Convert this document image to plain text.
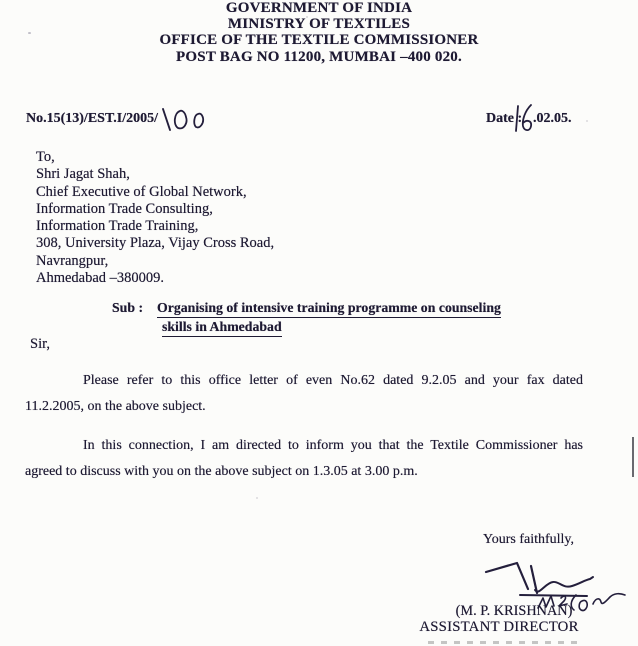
GOVERNMENT OF INDIA
MINISTRY OF TEXTILES
OFFICE OF THE TEXTILE COMMISSIONER
POST BAG NO 11200, MUMBAI –400 020.
No.15(13)/EST.I/2005/	Date : .02.05.
To,
Shri Jagat Shah,
Chief Executive of Global Network,
Information Trade Consulting,
Information Trade Training,
308, University Plaza, Vijay Cross Road,
Navrangpur,
Ahmedabad –380009.
Sub : Organising of intensive training programme on counseling
skills in Ahmedabad
Sir,
Please refer to this office letter of even No.62 dated 9.2.05 and your fax dated
11.2.2005, on the above subject.
In this connection, I am directed to inform you that the Textile Commissioner has
agreed to discuss with you on the above subject on 1.3.05 at 3.00 p.m.
Yours faithfully,
(M. P. KRISHNAN)
ASSISTANT DIRECTOR
